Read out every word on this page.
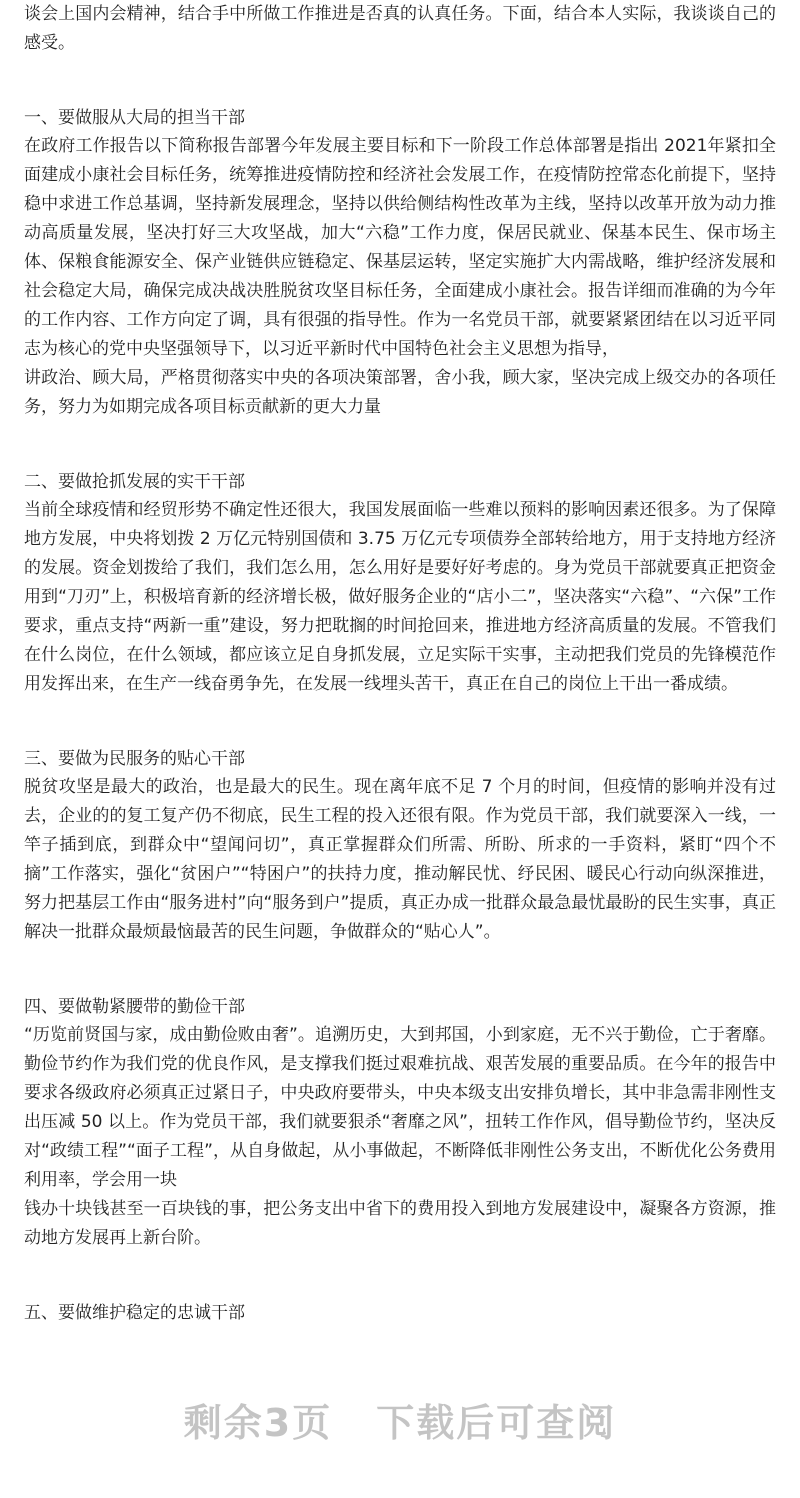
谈会上国内会精神，结合手中所做工作推进是否真的认真任务。下面，结合本人实际，我谈谈自己的感受。

一、要做服从大局的担当干部

在政府工作报告以下简称报告部署今年发展主要目标和下一阶段工作总体部署是指出 2021年紧扣全面建成小康社会目标任务，统筹推进疫情防控和经济社会发展工作，在疫情防控常态化前提下，坚持稳中求进工作总基调，坚持新发展理念，坚持以供给侧结构性改革为主线，坚持以改革开放为动力推动高质量发展，坚决打好三大攻坚战，加大“六稳”工作力度，保居民就业、保基本民生、保市场主体、保粮食能源安全、保产业链供应链稳定、保基层运转，坚定实施扩大内需战略，维护经济发展和社会稳定大局，确保完成决战决胜脱贫攻坚目标任务，全面建成小康社会。报告详细而准确的为今年的工作内容、工作方向定了调，具有很强的指导性。作为一名党员干部，就要紧紧团结在以习近平同志为核心的党中央坚强领导下，以习近平新时代中国特色社会主义思想为指导，

讲政治、顾大局，严格贯彻落实中央的各项决策部署，舍小我，顾大家，坚决完成上级交办的各项任务，努力为如期完成各项目标贡献新的更大力量

二、要做抢抓发展的实干干部

当前全球疫情和经贸形势不确定性还很大，我国发展面临一些难以预料的影响因素还很多。为了保障地方发展，中央将划拨 2 万亿元特别国债和 3.75 万亿元专项债券全部转给地方，用于支持地方经济的发展。资金划拨给了我们，我们怎么用，怎么用好是要好好考虑的。身为党员干部就要真正把资金用到“刀刃”上，积极培育新的经济增长极，做好服务企业的“店小二”，坚决落实“六稳”、“六保”工作要求，重点支持“两新一重”建设，努力把耽搁的时间抢回来，推进地方经济高质量的发展。不管我们在什么岗位，在什么领域，都应该立足自身抓发展，立足实际干实事，主动把我们党员的先锋模范作用发挥出来，在生产一线奋勇争先，在发展一线埋头苦干，真正在自己的岗位上干出一番成绩。

三、要做为民服务的贴心干部

脱贫攻坚是最大的政治，也是最大的民生。现在离年底不足 7 个月的时间，但疫情的影响并没有过去，企业的的复工复产仍不彻底，民生工程的投入还很有限。作为党员干部，我们就要深入一线，一竿子插到底，到群众中“望闻问切”，真正掌握群众们所需、所盼、所求的一手资料，紧盯“四个不摘”工作落实，强化“贫困户”“特困户”的扶持力度，推动解民忧、纾民困、暖民心行动向纵深推进，努力把基层工作由“服务进村”向“服务到户”提质，真正办成一批群众最急最忧最盼的民生实事，真正解决一批群众最烦最恼最苦的民生问题，争做群众的“贴心人”。

四、要做勒紧腰带的勤俭干部

“历览前贤国与家，成由勤俭败由奢”。追溯历史，大到邦国，小到家庭，无不兴于勤俭，亡于奢靡。勤俭节约作为我们党的优良作风，是支撑我们挺过艰难抗战、艰苦发展的重要品质。在今年的报告中要求各级政府必须真正过紧日子，中央政府要带头，中央本级支出安排负增长，其中非急需非刚性支出压减 50 以上。作为党员干部，我们就要狠杀“奢靡之风”，扭转工作作风，倡导勤俭节约，坚决反对“政绩工程”“面子工程”，从自身做起，从小事做起，不断降低非刚性公务支出，不断优化公务费用利用率，学会用一块

钱办十块钱甚至一百块钱的事，把公务支出中省下的费用投入到地方发展建设中，凝聚各方资源，推动地方发展再上新台阶。

五、要做维护稳定的忠诚干部

剩余3页 下载后可查阅
